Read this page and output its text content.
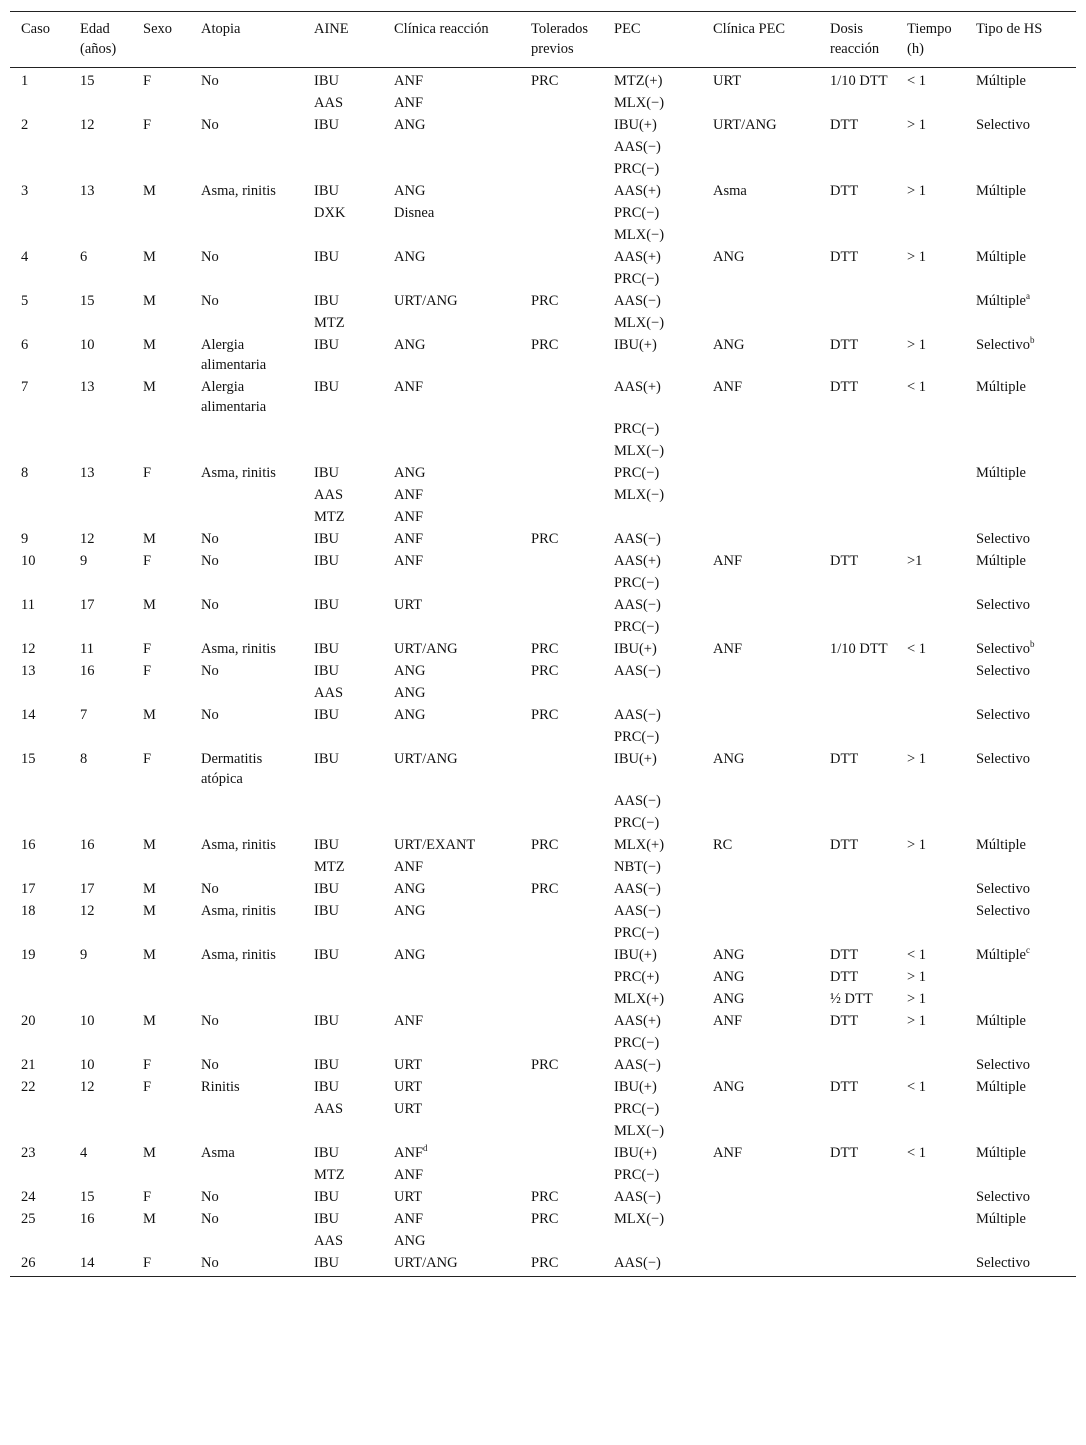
Caso	Edad (años)	Sexo	Atopia	AINE	Clínica reacción	Tolerados previos	PEC	Clínica PEC	Dosis reacción	Tiempo (h)	Tipo de HS
1	15	F	No	IBU	ANF	PRC	MTZ(+)	URT	1/10 DTT	< 1	Múltiple
				AAS	ANF		MLX(−)				
2	12	F	No	IBU	ANG		IBU(+)	URT/ANG	DTT	> 1	Selectivo
							AAS(−)				
							PRC(−)				
3	13	M	Asma, rinitis	IBU	ANG		AAS(+)	Asma	DTT	> 1	Múltiple
				DXK	Disnea		PRC(−)				
							MLX(−)				
4	6	M	No	IBU	ANG		AAS(+)	ANG	DTT	> 1	Múltiple
							PRC(−)				
5	15	M	No	IBU	URT/ANG	PRC	AAS(−)				Múltiple$^a$
				MTZ			MLX(−)				
6	10	M	Alergia alimentaria	IBU	ANG	PRC	IBU(+)	ANG	DTT	> 1	Selectivo$^b$
7	13	M	Alergia alimentaria	IBU	ANF		AAS(+)	ANF	DTT	< 1	Múltiple
							PRC(−)				
							MLX(−)				
8	13	F	Asma, rinitis	IBU	ANG		PRC(−)				Múltiple
				AAS	ANF		MLX(−)				
				MTZ	ANF						
9	12	M	No	IBU	ANF	PRC	AAS(−)				Selectivo
10	9	F	No	IBU	ANF		AAS(+)	ANF	DTT	>1	Múltiple
							PRC(−)				
11	17	M	No	IBU	URT		AAS(−)				Selectivo
							PRC(−)				
12	11	F	Asma, rinitis	IBU	URT/ANG	PRC	IBU(+)	ANF	1/10 DTT	< 1	Selectivo$^b$
13	16	F	No	IBU	ANG	PRC	AAS(−)				Selectivo
				AAS	ANG						
14	7	M	No	IBU	ANG	PRC	AAS(−)				Selectivo
							PRC(−)				
15	8	F	Dermatitis atópica	IBU	URT/ANG		IBU(+)	ANG	DTT	> 1	Selectivo
							AAS(−)				
							PRC(−)				
16	16	M	Asma, rinitis	IBU	URT/EXANT	PRC	MLX(+)	RC	DTT	> 1	Múltiple
				MTZ	ANF		NBT(−)				
17	17	M	No	IBU	ANG	PRC	AAS(−)				Selectivo
18	12	M	Asma, rinitis	IBU	ANG		AAS(−)				Selectivo
							PRC(−)				
19	9	M	Asma, rinitis	IBU	ANG		IBU(+)	ANG	DTT	< 1	Múltiple$^c$
							PRC(+)	ANG	DTT	> 1	
							MLX(+)	ANG	½ DTT	> 1	
20	10	M	No	IBU	ANF		AAS(+)	ANF	DTT	> 1	Múltiple
							PRC(−)				
21	10	F	No	IBU	URT	PRC	AAS(−)				Selectivo
22	12	F	Rinitis	IBU	URT		IBU(+)	ANG	DTT	< 1	Múltiple
				AAS	URT		PRC(−)				
							MLX(−)				
23	4	M	Asma	IBU	ANF$^d$		IBU(+)	ANF	DTT	< 1	Múltiple
				MTZ	ANF		PRC(−)				
24	15	F	No	IBU	URT	PRC	AAS(−)				Selectivo
25	16	M	No	IBU	ANF	PRC	MLX(−)				Múltiple
				AAS	ANG						
26	14	F	No	IBU	URT/ANG	PRC	AAS(−)				Selectivo
